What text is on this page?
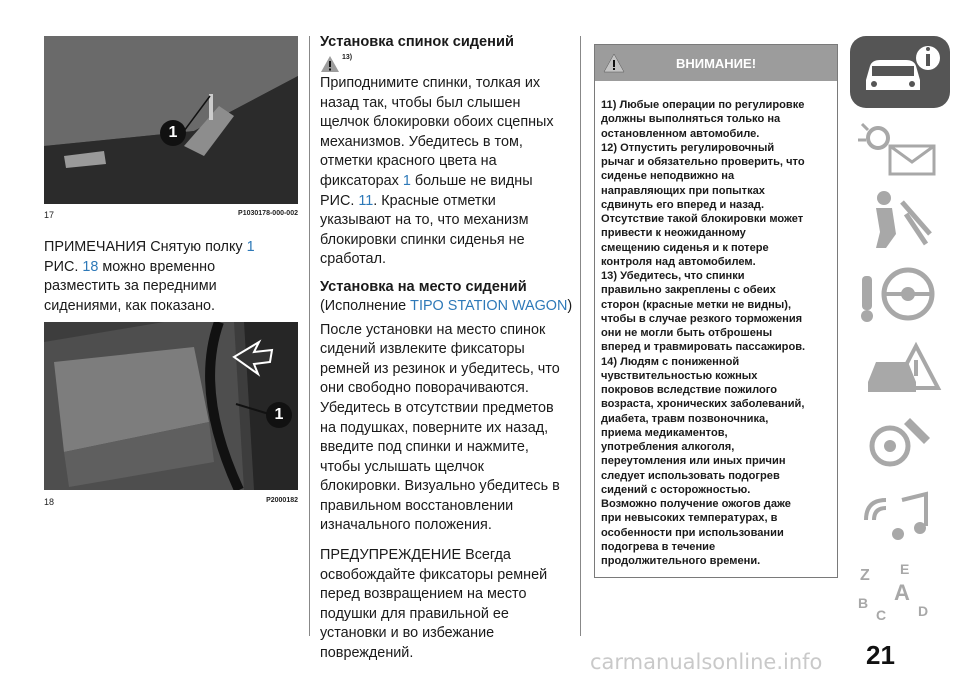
1
17	P1030178-000-002
ПРИМЕЧАНИЯ Снятую полку 1
РИС. 18 можно временно
разместить за передними
сидениями, как показано.
1
18	P2000182
Установка спинок сидений
13)
Приподнимите спинки, толкая их
назад так, чтобы был слышен
щелчок блокировки обоих сцепных
механизмов. Убедитесь в том,
отметки красного цвета на
фиксаторах 1 больше не видны
РИС. 11. Красные отметки
указывают на то, что механизм
блокировки спинки сиденья не
сработал.
Установка на место сидений
(Исполнение TIPO STATION WAGON)
После установки на место спинок
сидений извлеките фиксаторы
ремней из резинок и убедитесь, что
они свободно поворачиваются.
Убедитесь в отсутствии предметов
на подушках, поверните их назад,
введите под спинки и нажмите,
чтобы услышать щелчок
блокировки. Визуально убедитесь в
правильном восстановлении
изначального положения.
ПРЕДУПРЕЖДЕНИЕ Всегда
освобождайте фиксаторы ремней
перед возвращением на место
подушки для правильной ее
установки и во избежание
повреждений.
ВНИМАНИЕ!
11) Любые операции по регулировке
должны выполняться только на
остановленном автомобиле.
12) Отпустить регулировочный
рычаг и обязательно проверить, что
сиденье неподвижно на
направляющих при попытках
сдвинуть его вперед и назад.
Отсутствие такой блокировки может
привести к неожиданному
смещению сиденья и к потере
контроля над автомобилем.
13) Убедитесь, что спинки
правильно закреплены с обеих
сторон (красные метки не видны),
чтобы в случае резкого торможения
они не могли быть отброшены
вперед и травмировать пассажиров.
14) Людям с пониженной
чувствительностью кожных
покровов вследствие пожилого
возраста, хронических заболеваний,
диабета, травм позвоночника,
приема медикаментов,
употребления алкоголя,
переутомления или иных причин
следует использовать подогрев
сидений с осторожностью.
Возможно получение ожогов даже
при невысоких температурах, в
особенности при использовании
подогрева в течение
продолжительного времени.
Z E
B A
C D
21
carmanualsonline.info
